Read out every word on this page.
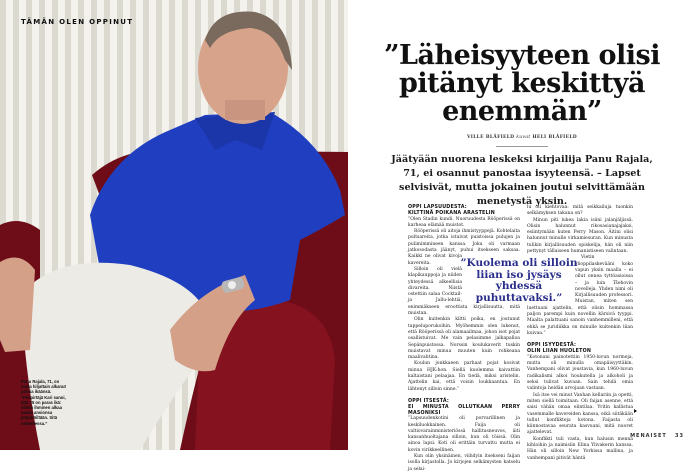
TÄMÄN OLEN OPPINUT
Panu Rajala, 71, on vasta hiljattain alkanut pohtia ikäänsä. ”Piispirtäjä Kari sanoi, että 75 on paras ikä: silloin ihminen alkaa saada ansionsa ympäröiltään. Sitä odotellessa.”
”Läheisyyteen olisi pitänyt keskittyä enemmän”
VILLE BLÅFIELD kuvat HELI BLÅFIELD
Jäätyään nuorena leskeksi kirjailija Panu Rajala, 71, ei osannut panostaa isyyteensä. – Lapset selvisivät, mutta jokainen joutui selvittämään menetystä yksin.
OPPI LAPSUUDESTA:
KILTTINÄ POIKANA ARASTELIN

”Olen Stadin kundi. Nuoruudesta Rööperissä on karheaa elämää muistot.

Rööperissä oli aitoja ihmistyyppejä. Kohtelaita pultsareita, jotka istuivat puistoissa pulujen ja pulimimmineen kanssa. Joku oli varmaan jatkosodasta jäänyt, puhui itsekseen saksaa. Kaikki ne olivat kivoja kavereita.

Silloin oli vielä klapikauppoja ja niiden yhteydessä alkeellisia divareita. Niistä ostettiin salaa Cocktail- ja Jallu-lehtiä, enimmäkseen eroottista kirjallisuutta, mitä muistan.

Olin kuitenkin kiltti poika, en joutunut tappeluporukoihin. Myöhemmin olen lukenut, että Rööperissä oli alamaailmaa, johon isot pojat osallistuivat. Me vain pelasimme jalkapalloa Sepänpuistossa. Norssin koulukaverit tuskin muistavat minua muuten kuin rohkeana maalivahtina.

Koulun jonkkaeen parhaat pojat kosivat minua HJK:hon. Siellä kuolemma kaivattiin kaltaistani pelaajaa. En tiedä, miksi aristelin. Ajattelin kai, että voisin loukkaantua. En lähtenyt silloin sinne.”

OPPI ITSESTÄ:
EI MINUSTA OLLUTKAAN PERRY MASONIKSI

”Lapsuudenkotini oli porvarillinen ja keskiluokkainen. Faija oli valtiovarainministeriössä hallitusneuvos, äiti kansanhuoltajana silloin, kun oli töissä. Olin ainoa lapsi. Koti oli erittäin turvattu mutta ei kovin virikkeellinen.

Kun olin yksinäinen, viihdyin itsekseni faijan isolla kirjastolla. Jo kirjojen selkämysten katselu ja selai-

lu oli kiehtovaa: mitä seikkailuja tuonkin selkämyksen takana on?

Minun piti lukea lakia isäni jalanjäljissä. Olisin halunnut rikosasianajajaksi, esiintymään kuten Perry Mason. Äitini olisi halunnut minulle virkamiesuran. Kun minusta tulikin kirjallisuuden opiskelija, hän oli niin pettynyt tällaiseen humanistiseen valintaan.

Vietin ylioppilaskevääni koko vapun yksin maalla – ei ollut onnea tyttöasioissa – ja luin Tšehovin novelleja. Yhden nimi oli Kirjallisuuden professori. Muistan, miten sen luettuani ajattelin, että olisin hommassa paljon parempi kuin novellin kärsivä tyyppi. Maalta palattuani sanoin vanhemmilleni, että ehkä se juridiikka on minulle kuitenkin liian kuivaa.”

OPPI ISYYDESTÄ:
OLIN LIIAN HUOLETON

”Kotonani painotettiin 1950-luvun normeja, mutta oli minulla omapäisyyttäkin. Vanhempani olivat joustavia, kun 1960-luvun radikalismi alkoi houkutella ja alkoholi ja seksi tulivat kuvaan. Sain tehdä omia valintoja heidän arvojaan vastaan.

Isä itse vei minut Vanhan kellariin ja opetti, miten siellä toimitaan. Oli faijan asenne, että saisi vähän omaa elintilaa. Yritin kallistua vasemmalle kavereiden kanssa, eikä siitäkään tullut konflikteja kotona. Faijasta oli kiinnostavaa seurata kasvuani, mitä nuoret ajattelevat.

Konflikti tuli vasta, kun halusin mennä kihloihin ja naimisiin Elina Ylivakerin kanssa. Hän oli silloin New Yorkissa mallina, ja vanhempani pitivät häntä

”Kuolema oli silloin liian iso jysäys yhdessä puhuttavaksi.”
MENAISET 33
